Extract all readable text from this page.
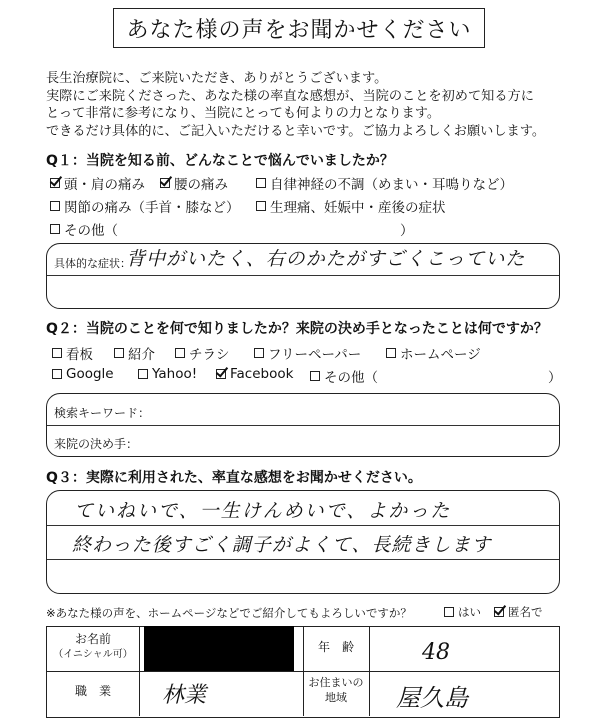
あなた様の声をお聞かせください
長生治療院に、ご来院いただき、ありがとうございます。
実際にご来院くださった、あなた様の率直な感想が、当院のことを初めて知る方に
とって非常に参考になり、当院にとっても何よりの力となります。
できるだけ具体的に、ご記入いただけると幸いです。ご協力よろしくお願いします。
Q１：当院を知る前、どんなことで悩んでいましたか？
頭・肩の痛み 腰の痛み	自律神経の不調（めまい・耳鳴りなど）
関節の痛み（手首・膝など） 生理痛、妊娠中・産後の症状
その他（	）
具体的な症状：
背中がいたく、右のかたがすごくこっていた
Q２：当院のことを何で知りましたか？来院の決め手となったことは何ですか？
看板	紹介	チラシ	フリーペーパー	ホームページ
Google	Yahoo! Facebook その他（	）
検索キーワード：
来院の決め手：
Q３：実際に利用された、率直な感想をお聞かせください。
ていねいで、一生けんめいで、よかった
終わった後すごく調子がよくて、長続きします
※あなた様の声を、ホームページなどでご紹介してもよろしいですか？	はい 匿名で
お名前
（イニシャル可）
年　齢	48
職　業	林業
お住まいの
地域	屋久島
